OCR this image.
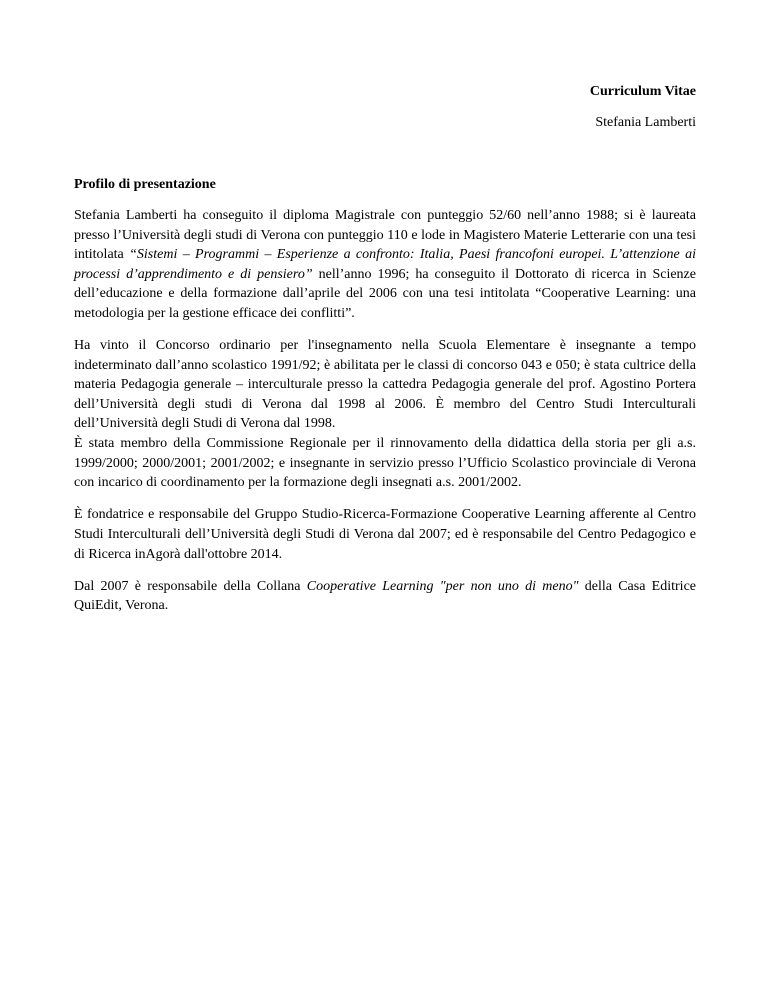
Curriculum Vitae
Stefania Lamberti
Profilo di presentazione

Stefania Lamberti ha conseguito il diploma Magistrale con punteggio 52/60 nell’anno 1988; si è laureata presso l’Università degli studi di Verona con punteggio 110 e lode in Magistero Materie Letterarie con una tesi intitolata “Sistemi – Programmi – Esperienze a confronto: Italia, Paesi francofoni europei. L’attenzione ai processi d’apprendimento e di pensiero” nell’anno 1996; ha conseguito il Dottorato di ricerca in Scienze dell’educazione e della formazione dall’aprile del 2006 con una tesi intitolata “Cooperative Learning: una metodologia per la gestione efficace dei conflitti”.

Ha vinto il Concorso ordinario per l'insegnamento nella Scuola Elementare è insegnante a tempo indeterminato dall’anno scolastico 1991/92; è abilitata per le classi di concorso 043 e 050; è stata cultrice della materia Pedagogia generale – interculturale presso la cattedra Pedagogia generale del prof. Agostino Portera dell’Università degli studi di Verona dal 1998 al 2006. È membro del Centro Studi Interculturali dell’Università degli Studi di Verona dal 1998.
È stata membro della Commissione Regionale per il rinnovamento della didattica della storia per gli a.s. 1999/2000; 2000/2001; 2001/2002; e insegnante in servizio presso l’Ufficio Scolastico provinciale di Verona con incarico di coordinamento per la formazione degli insegnati a.s. 2001/2002.

È fondatrice e responsabile del Gruppo Studio-Ricerca-Formazione Cooperative Learning afferente al Centro Studi Interculturali dell’Università degli Studi di Verona dal 2007; ed è responsabile del Centro Pedagogico e di Ricerca inAgorà dall'ottobre 2014.

Dal 2007 è responsabile della Collana Cooperative Learning "per non uno di meno" della Casa Editrice QuiEdit, Verona.
